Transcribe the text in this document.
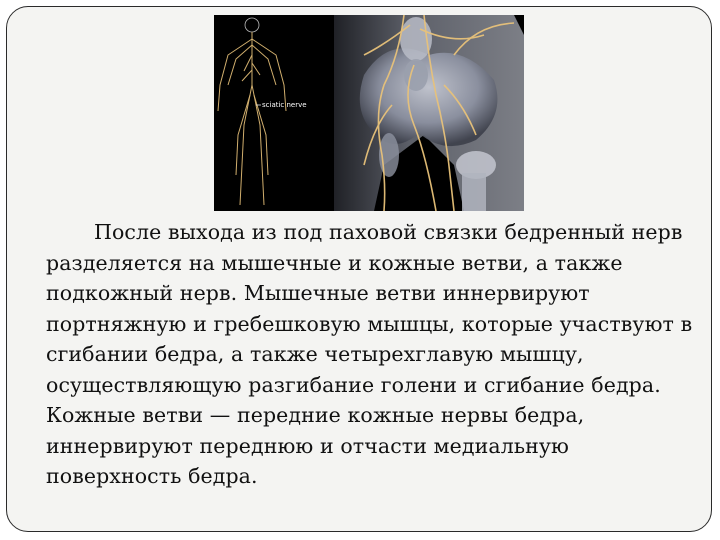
sciatic nerve

После выхода из под паховой связки бедренный нерв разделяется на мышечные и кожные ветви, а также подкожный нерв. Мышечные ветви иннервируют портняжную и гребешковую мышцы, которые участвуют в сгибании бедра, а также четырехглавую мышцу, осуществляющую разгибание голени и сгибание бедра. Кожные ветви — передние кожные нервы бедра, иннервируют переднюю и отчасти медиальную поверхность бедра.
